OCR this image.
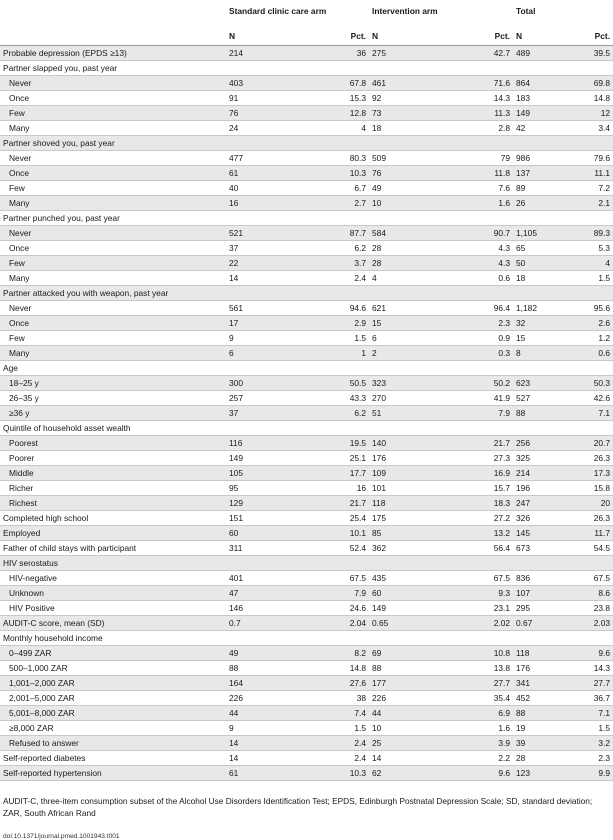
	Standard clinic care arm		Intervention arm		Total	
	N	Pct.	N	Pct.	N	Pct.
Probable depression (EPDS ≥13)	214	36	275	42.7	489	39.5
Partner slapped you, past year						
Never	403	67.8	461	71.6	864	69.8
Once	91	15.3	92	14.3	183	14.8
Few	76	12.8	73	11.3	149	12
Many	24	4	18	2.8	42	3.4
Partner shoved you, past year						
Never	477	80.3	509	79	986	79.6
Once	61	10.3	76	11.8	137	11.1
Few	40	6.7	49	7.6	89	7.2
Many	16	2.7	10	1.6	26	2.1
Partner punched you, past year						
Never	521	87.7	584	90.7	1,105	89.3
Once	37	6.2	28	4.3	65	5.3
Few	22	3.7	28	4.3	50	4
Many	14	2.4	4	0.6	18	1.5
Partner attacked you with weapon, past year						
Never	561	94.6	621	96.4	1,182	95.6
Once	17	2.9	15	2.3	32	2.6
Few	9	1.5	6	0.9	15	1.2
Many	6	1	2	0.3	8	0.6
Age						
18–25 y	300	50.5	323	50.2	623	50.3
26–35 y	257	43.3	270	41.9	527	42.6
≥36 y	37	6.2	51	7.9	88	7.1
Quintile of household asset wealth						
Poorest	116	19.5	140	21.7	256	20.7
Poorer	149	25.1	176	27.3	325	26.3
Middle	105	17.7	109	16.9	214	17.3
Richer	95	16	101	15.7	196	15.8
Richest	129	21.7	118	18.3	247	20
Completed high school	151	25.4	175	27.2	326	26.3
Employed	60	10.1	85	13.2	145	11.7
Father of child stays with participant	311	52.4	362	56.4	673	54.5
HIV serostatus						
HIV-negative	401	67.5	435	67.5	836	67.5
Unknown	47	7.9	60	9.3	107	8.6
HIV Positive	146	24.6	149	23.1	295	23.8
AUDIT-C score, mean (SD)	0.7	2.04	0.65	2.02	0.67	2.03
Monthly household income						
0–499 ZAR	49	8.2	69	10.8	118	9.6
500–1,000 ZAR	88	14.8	88	13.8	176	14.3
1,001–2,000 ZAR	164	27.6	177	27.7	341	27.7
2,001–5,000 ZAR	226	38	226	35.4	452	36.7
5,001–8,000 ZAR	44	7.4	44	6.9	88	7.1
≥8,000 ZAR	9	1.5	10	1.6	19	1.5
Refused to answer	14	2.4	25	3.9	39	3.2
Self-reported diabetes	14	2.4	14	2.2	28	2.3
Self-reported hypertension	61	10.3	62	9.6	123	9.9
AUDIT-C, three-item consumption subset of the Alcohol Use Disorders Identification Test; EPDS, Edinburgh Postnatal Depression Scale; SD, standard deviation; ZAR, South African Rand
doi:10.1371/journal.pmed.1001943.t001
